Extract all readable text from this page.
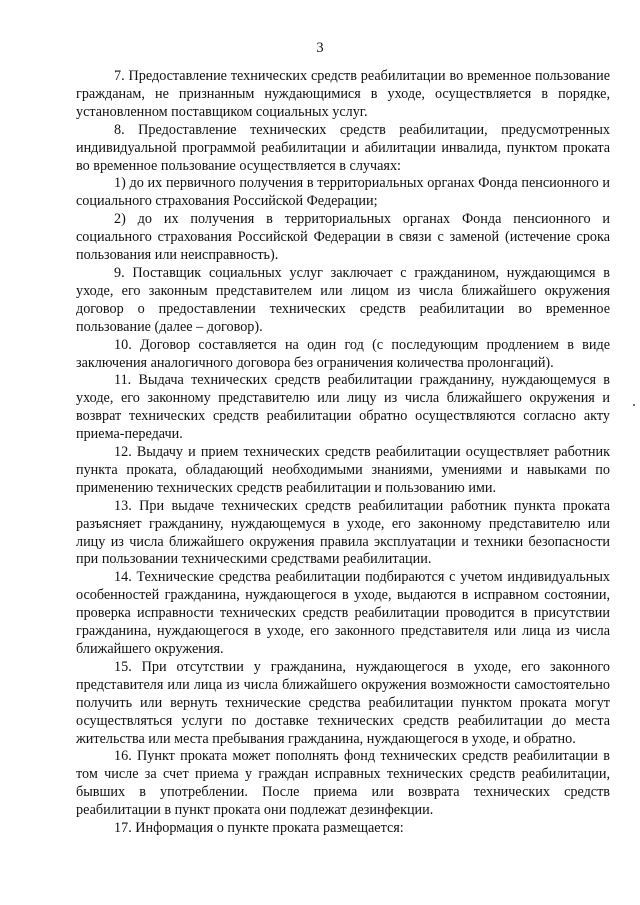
3

7. Предоставление технических средств реабилитации во временное пользование гражданам, не признанным нуждающимися в уходе, осуществляется в порядке, установленном поставщиком социальных услуг.

8. Предоставление технических средств реабилитации, предусмотренных индивидуальной программой реабилитации и абилитации инвалида, пунктом проката во временное пользование осуществляется в случаях:

1) до их первичного получения в территориальных органах Фонда пенсионного и социального страхования Российской Федерации;

2) до их получения в территориальных органах Фонда пенсионного и социального страхования Российской Федерации в связи с заменой (истечение срока пользования или неисправность).

9. Поставщик социальных услуг заключает с гражданином, нуждающимся в уходе, его законным представителем или лицом из числа ближайшего окружения договор о предоставлении технических средств реабилитации во временное пользование (далее – договор).

10. Договор составляется на один год (с последующим продлением в виде заключения аналогичного договора без ограничения количества пролонгаций).

11. Выдача технических средств реабилитации гражданину, нуждающемуся в уходе, его законному представителю или лицу из числа ближайшего окружения и возврат технических средств реабилитации обратно осуществляются согласно акту приема-передачи.

12. Выдачу и прием технических средств реабилитации осуществляет работник пункта проката, обладающий необходимыми знаниями, умениями и навыками по применению технических средств реабилитации и пользованию ими.

13. При выдаче технических средств реабилитации работник пункта проката разъясняет гражданину, нуждающемуся в уходе, его законному представителю или лицу из числа ближайшего окружения правила эксплуатации и техники безопасности при пользовании техническими средствами реабилитации.

14. Технические средства реабилитации подбираются с учетом индивидуальных особенностей гражданина, нуждающегося в уходе, выдаются в исправном состоянии, проверка исправности технических средств реабилитации проводится в присутствии гражданина, нуждающегося в уходе, его законного представителя или лица из числа ближайшего окружения.

15. При отсутствии у гражданина, нуждающегося в уходе, его законного представителя или лица из числа ближайшего окружения возможности самостоятельно получить или вернуть технические средства реабилитации пунктом проката могут осуществляться услуги по доставке технических средств реабилитации до места жительства или места пребывания гражданина, нуждающегося в уходе, и обратно.

16. Пункт проката может пополнять фонд технических средств реабилитации в том числе за счет приема у граждан исправных технических средств реабилитации, бывших в употреблении. После приема или возврата технических средств реабилитации в пункт проката они подлежат дезинфекции.

17. Информация о пункте проката размещается:
